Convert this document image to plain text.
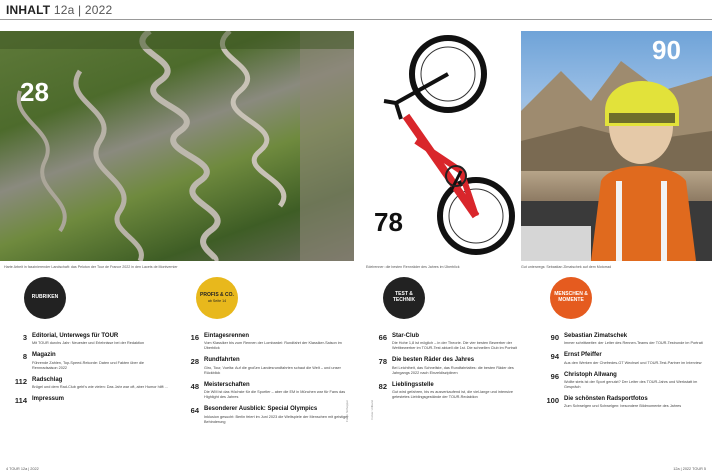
INHALT 12a | 2022
28
Harte Arbeit in faszinierender Landschaft: das Peloton der Tour de France 2022 in den Lacets de Montvernier
78
Edelrenner: die besten Rennräder des Jahres im Überblick
90
Gut unterwegs: Sebastian Zimatschek auf dem Motorrad
RUBRIKEN	PROFIS & CO.
ab Seite 14
TEST & TECHNIK
MENSCHEN & MOMENTE
3 Editorial, Unterwegs für TOUR
Mit TOUR durchs Jahr: Neuester und Erlebnisse bei der Redaktion
8 Magazin
Führende Zahlen, Top-Speed-Rekorde: Daten und Fakten über die Rennradsaison 2022
112 Radschlag
Brügel und dem Rad-Club geht's wie vielen: Das Jahr war oft, aber Humor hilft ...
114 Impressum
16 Eintagesrennen
Vom Klassiker bis zum Rennen der Lombardei: Rundfahrt der Klassiker-Saison im Überblick
28 Rundfahrten
Giro, Tour, Vuelta: Auf die großen Landesrundfahrten schaut die Welt – und unser Rückblick
48 Meisterschaften
Die WM ist das Höchste für die Sportler – aber die EM in München war für Fans das Highlight des Jahres
64 Besonderer Ausblick: Special Olympics
Inklusion gesucht: Berlin feiert im Juni 2023 die Weltspiele der Menschen mit geistiger Behinderung	Fotos: Schepper	Fotos: Urlbanz
66 Star-Club
Die Hohe 1,8 ist möglich – in der Theorie. Die vier besten Bewerber der Wettbewerber im TOUR-Test aktuell die 1st. Die schnellen Club im Portrait
78 Die besten Räder des Jahres
Bei Leichtheit, das Schnellste, das Rundfahrtaltes: die besten Räder des Jahrgangs 2022 nach Einzeldisziplinen
82 Lieblingsstelle
Gut wird gefahren, bis es ausverkaufend ist, die viel-lange und intensive getestetes Lieblingsgestände der TOUR-Redaktion
90 Sebastian Zimatschek
Immer schrittweiter: der Leiter des Rennen-Teams der TOUR-Testrunde im Portrait
94 Ernst Pfeiffer
Aus den Werken der Chefredes-GT Wechsel und TOUR-Test-Partner im Interview
96 Christoph Allwang
Wollte stets ist der Sport genutzt? Der Leiter des TOUR-Jahrs und Werkstatt im Gespräch
100 Die schönsten Radsportfotos
Zum Schwelgen und Schwelgen: besondere Bildmomente des Jahres
4 TOUR 12a | 2022	12a | 2022 TOUR 5
